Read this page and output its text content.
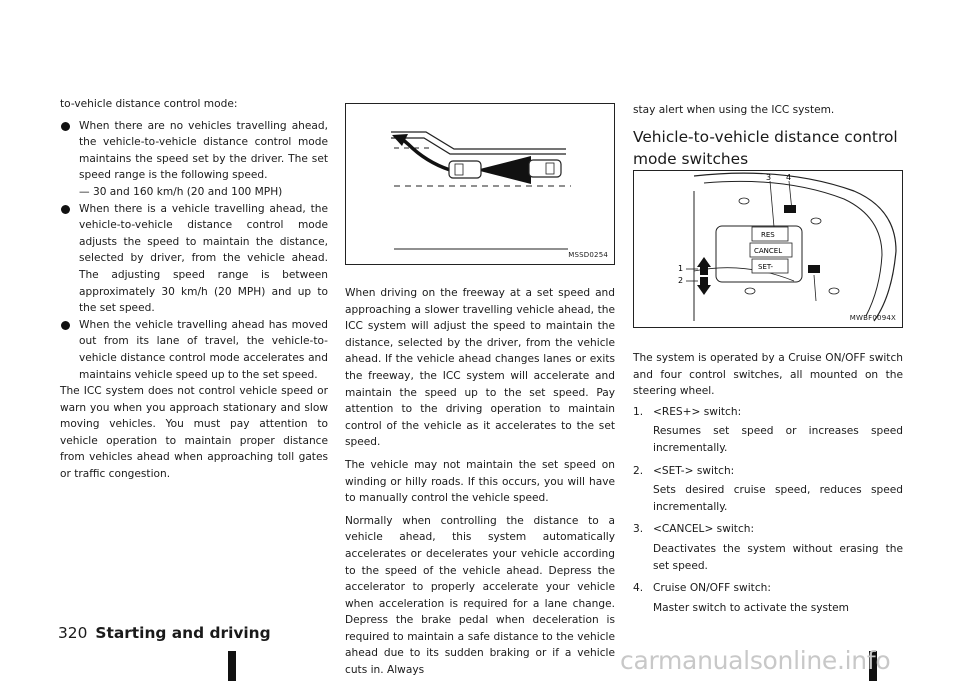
to-vehicle distance control mode:

When there are no vehicles travelling ahead, the vehicle-to-vehicle distance control mode maintains the speed set by the driver. The set speed range is the following speed.
— 30 and 160 km/h (20 and 100 MPH)
When there is a vehicle travelling ahead, the vehicle-to-vehicle distance control mode adjusts the speed to maintain the distance, selected by driver, from the vehicle ahead. The adjusting speed range is between approximately 30 km/h (20 MPH) and up to the set speed.
When the vehicle travelling ahead has moved out from its lane of travel, the vehicle-to-vehicle distance control mode accelerates and maintains vehicle speed up to the set speed.

The ICC system does not control vehicle speed or warn you when you approach stationary and slow moving vehicles. You must pay attention to vehicle operation to maintain proper distance from vehicles ahead when approaching toll gates or traffic congestion.

MSSD0254

When driving on the freeway at a set speed and approaching a slower travelling vehicle ahead, the ICC system will adjust the speed to maintain the distance, selected by the driver, from the vehicle ahead. If the vehicle ahead changes lanes or exits the freeway, the ICC system will accelerate and maintain the speed up to the set speed. Pay attention to the driving operation to maintain control of the vehicle as it accelerates to the set speed.

The vehicle may not maintain the set speed on winding or hilly roads. If this occurs, you will have to manually control the vehicle speed.

Normally when controlling the distance to a vehicle ahead, this system automatically accelerates or decelerates your vehicle according to the speed of the vehicle ahead. Depress the accelerator to properly accelerate your vehicle when acceleration is required for a lane change. Depress the brake pedal when deceleration is required to maintain a safe distance to the vehicle ahead due to its sudden braking or if a vehicle cuts in. Always

stay alert when using the ICC system.
Vehicle-to-vehicle distance control mode switches
RES
CANCEL
SET-
1
2
3 4
MWBF0094X

The system is operated by a Cruise ON/OFF switch and four control switches, all mounted on the steering wheel.

1. <RES+> switch:
Resumes set speed or increases speed incrementally.
2. <SET-> switch:
Sets desired cruise speed, reduces speed incrementally.
3. <CANCEL> switch:
Deactivates the system without erasing the set speed.
4. Cruise ON/OFF switch:
Master switch to activate the system
320 Starting and driving
carmanualsonline.info
